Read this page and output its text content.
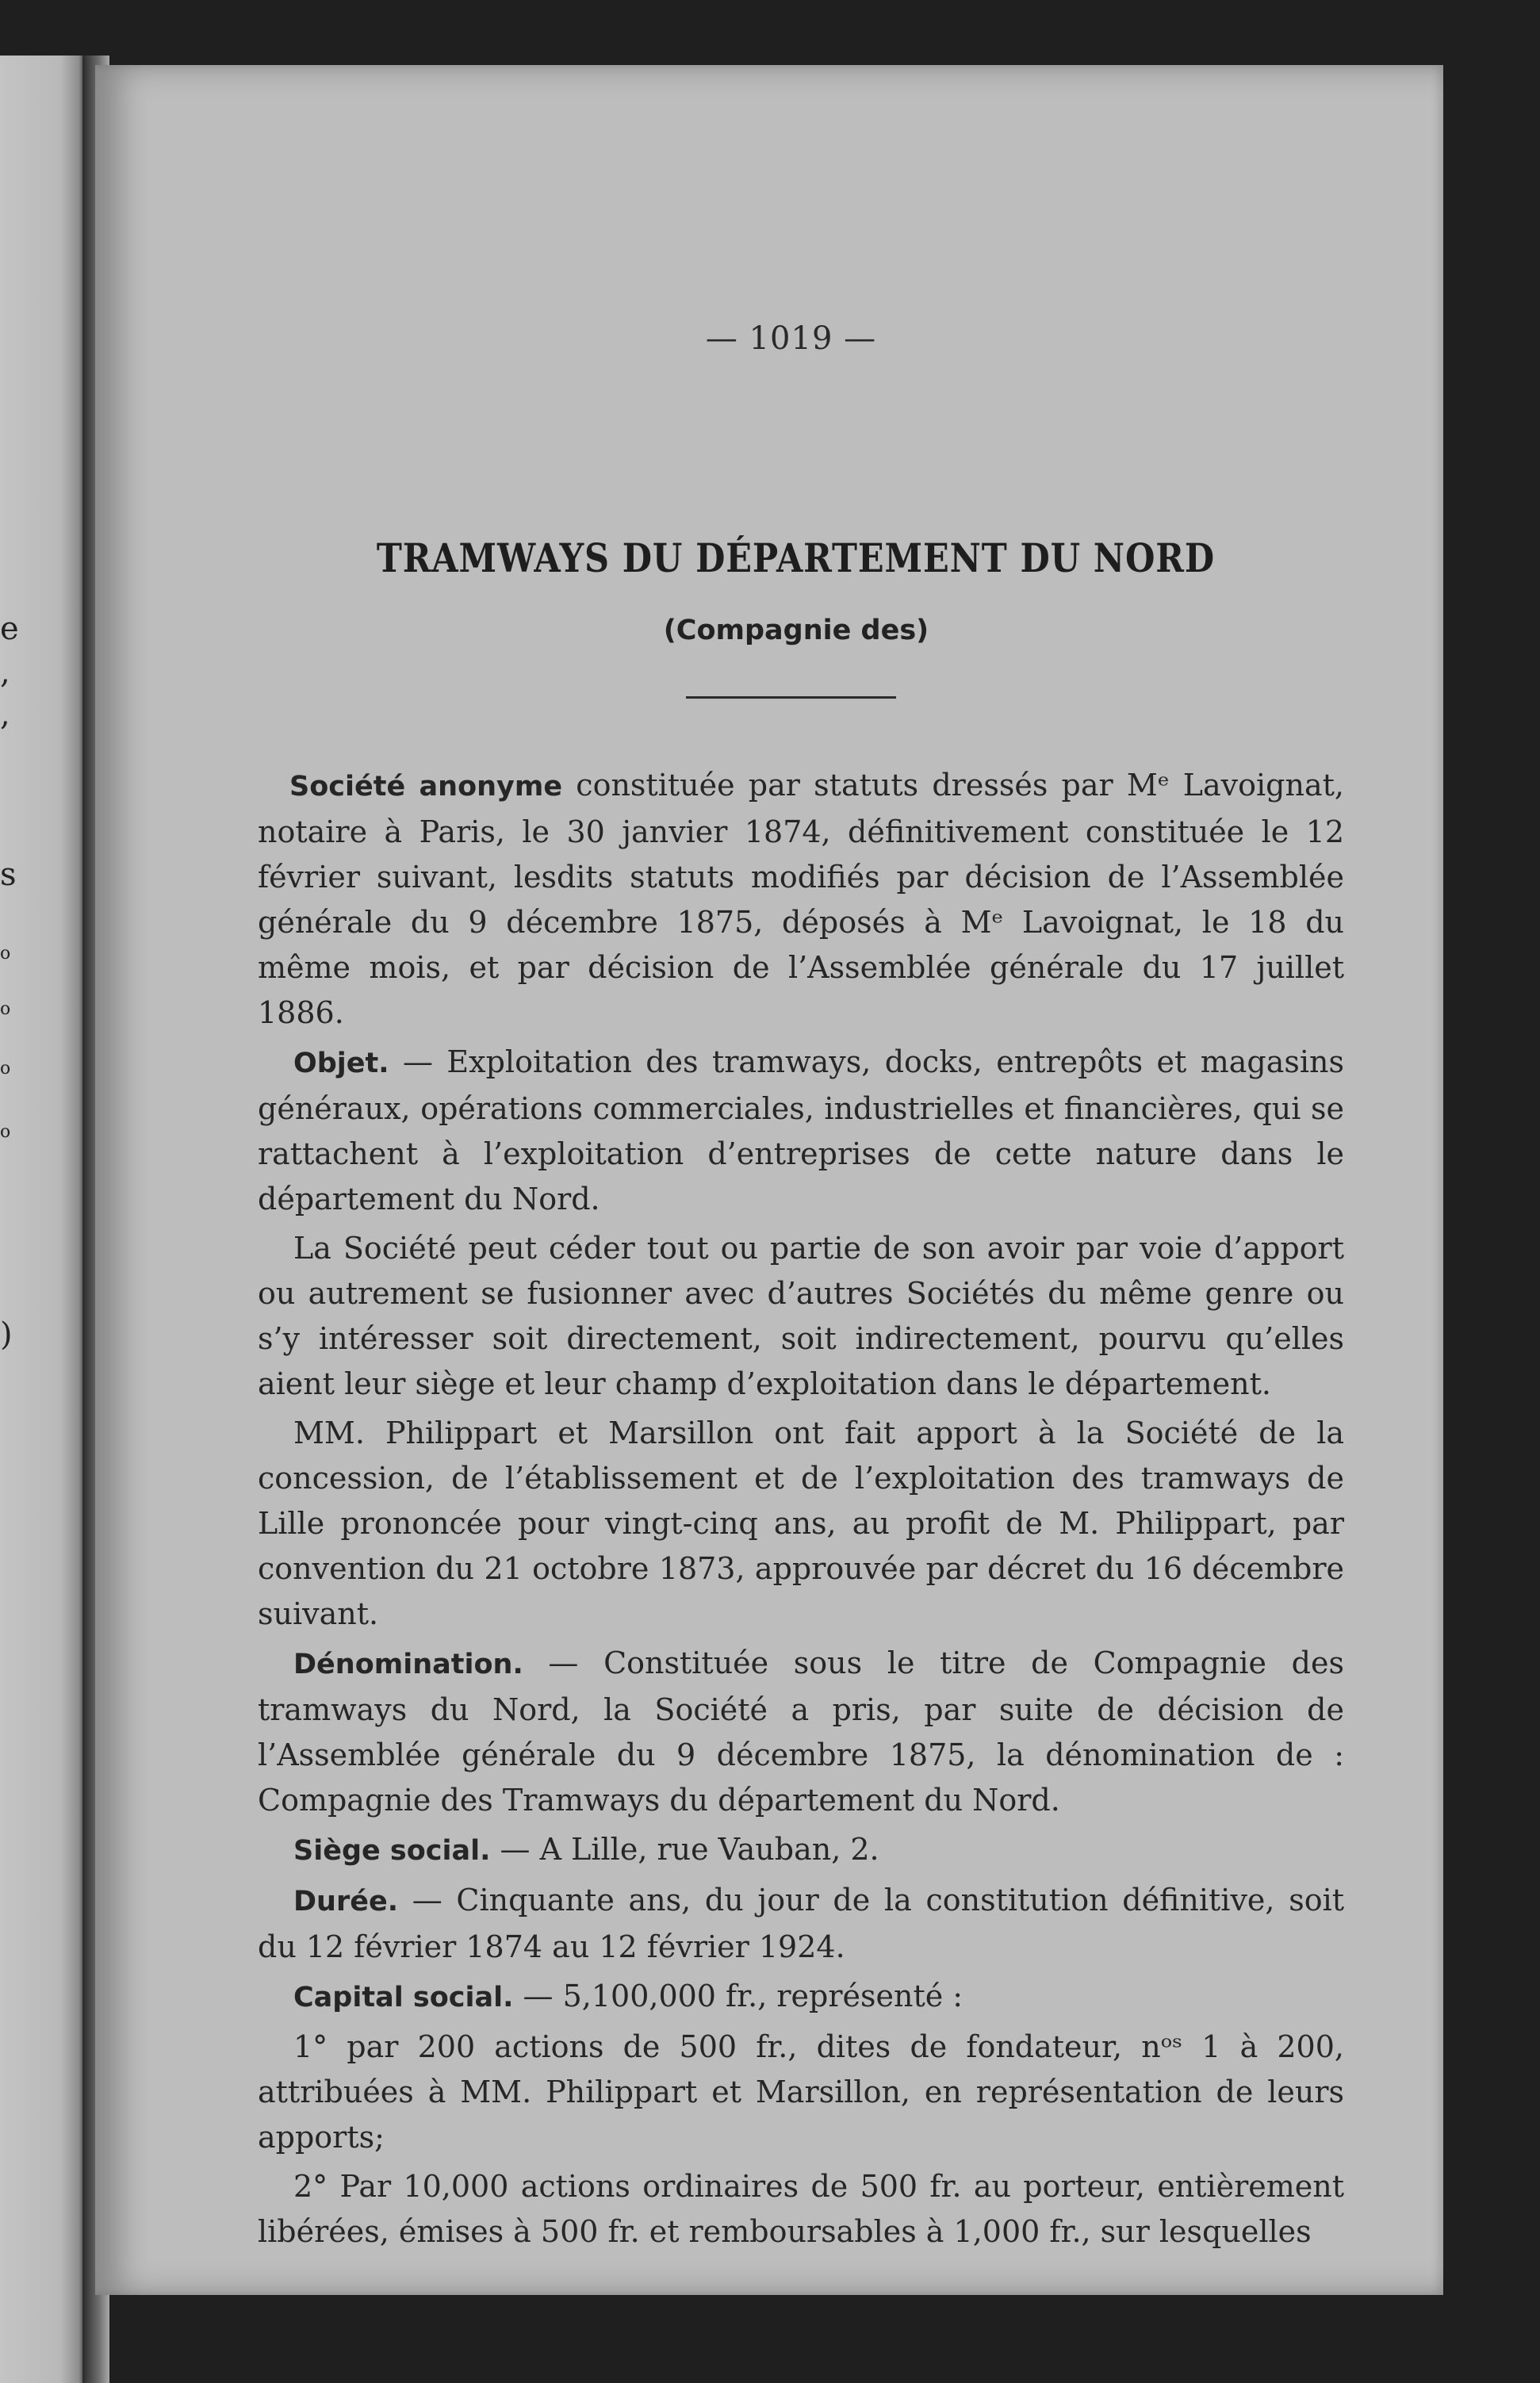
e
,
,
s
o
o
o
o
)
— 1019 —
TRAMWAYS DU DÉPARTEMENT DU NORD
(Compagnie des)

Société anonyme constituée par statuts dressés par Mᵉ Lavoignat, notaire à Paris, le 30 janvier 1874, définitivement constituée le 12 février suivant, lesdits statuts modifiés par décision de l’Assemblée générale du 9 décembre 1875, déposés à Mᵉ Lavoignat, le 18 du même mois, et par décision de l’Assemblée générale du 17 juillet 1886.

Objet. — Exploitation des tramways, docks, entrepôts et magasins généraux, opérations commerciales, industrielles et financières, qui se rattachent à l’exploitation d’entreprises de cette nature dans le département du Nord.

La Société peut céder tout ou partie de son avoir par voie d’apport ou autrement se fusionner avec d’autres Sociétés du même genre ou s’y intéresser soit directement, soit indirectement, pourvu qu’elles aient leur siège et leur champ d’exploitation dans le département.

MM. Philippart et Marsillon ont fait apport à la Société de la concession, de l’établissement et de l’exploitation des tramways de Lille prononcée pour vingt-cinq ans, au profit de M. Philippart, par convention du 21 octobre 1873, approuvée par décret du 16 décembre suivant.

Dénomination. — Constituée sous le titre de Compagnie des tramways du Nord, la Société a pris, par suite de décision de l’Assemblée générale du 9 décembre 1875, la dénomination de : Compagnie des Tramways du département du Nord.

Siège social. — A Lille, rue Vauban, 2.

Durée. — Cinquante ans, du jour de la constitution définitive, soit du 12 février 1874 au 12 février 1924.

Capital social. — 5,100,000 fr., représenté :

1° par 200 actions de 500 fr., dites de fondateur, nᵒˢ 1 à 200, attribuées à MM. Philippart et Marsillon, en représentation de leurs apports;

2° Par 10,000 actions ordinaires de 500 fr. au porteur, entièrement libérées, émises à 500 fr. et remboursables à 1,000 fr., sur lesquelles
